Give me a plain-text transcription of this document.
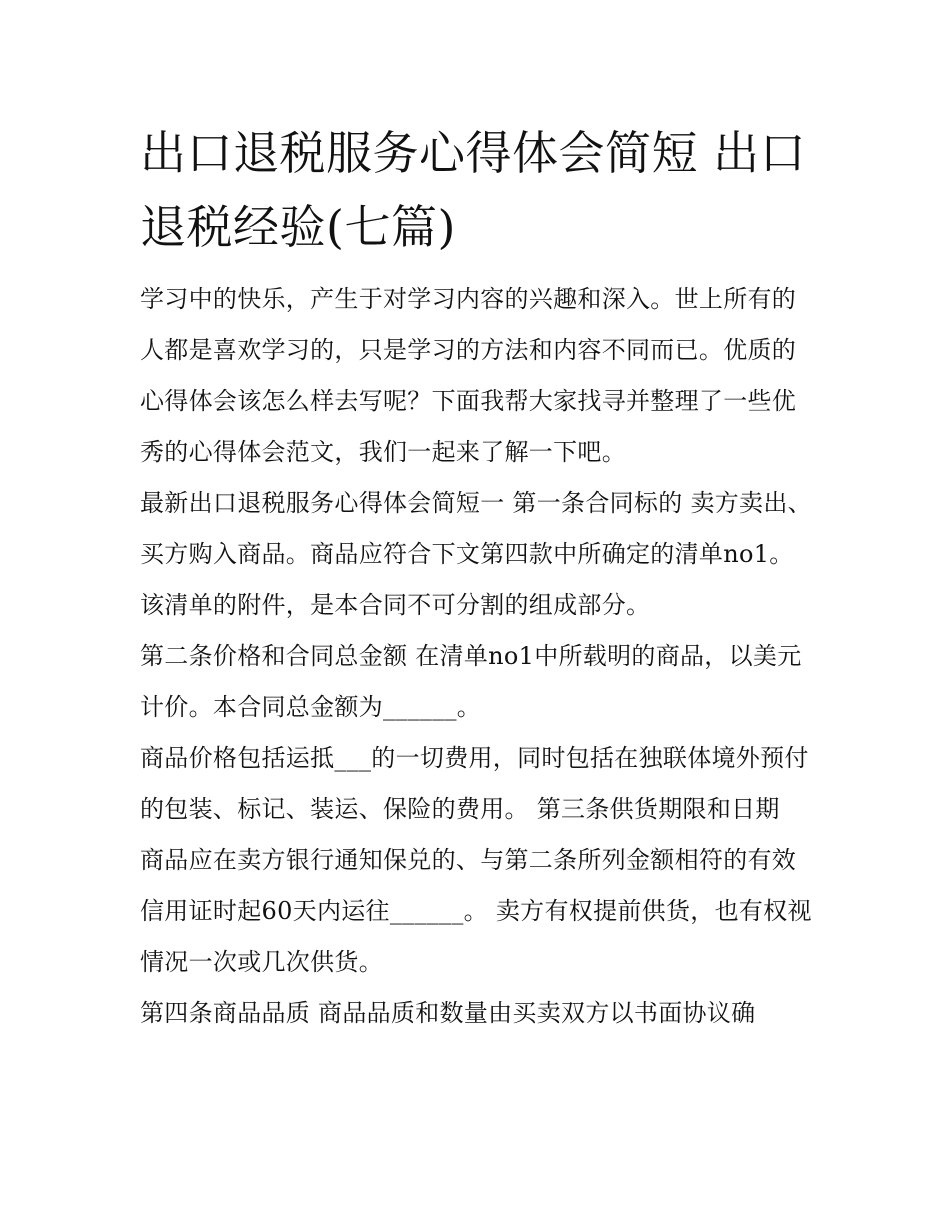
出口退税服务心得体会简短 出口退税经验(七篇)

学习中的快乐，产生于对学习内容的兴趣和深入。世上所有的人都是喜欢学习的，只是学习的方法和内容不同而已。优质的心得体会该怎么样去写呢？下面我帮大家找寻并整理了一些优秀的心得体会范文，我们一起来了解一下吧。

最新出口退税服务心得体会简短一 第一条合同标的 卖方卖出、买方购入商品。商品应符合下文第四款中所确定的清单no1。该清单的附件，是本合同不可分割的组成部分。

第二条价格和合同总金额 在清单no1中所载明的商品，以美元计价。本合同总金额为______。

商品价格包括运抵___的一切费用，同时包括在独联体境外预付的包装、标记、装运、保险的费用。 第三条供货期限和日期

商品应在卖方银行通知保兑的、与第二条所列金额相符的有效信用证时起60天内运往______。 卖方有权提前供货，也有权视情况一次或几次供货。

第四条商品品质 商品品质和数量由买卖双方以书面协议确
